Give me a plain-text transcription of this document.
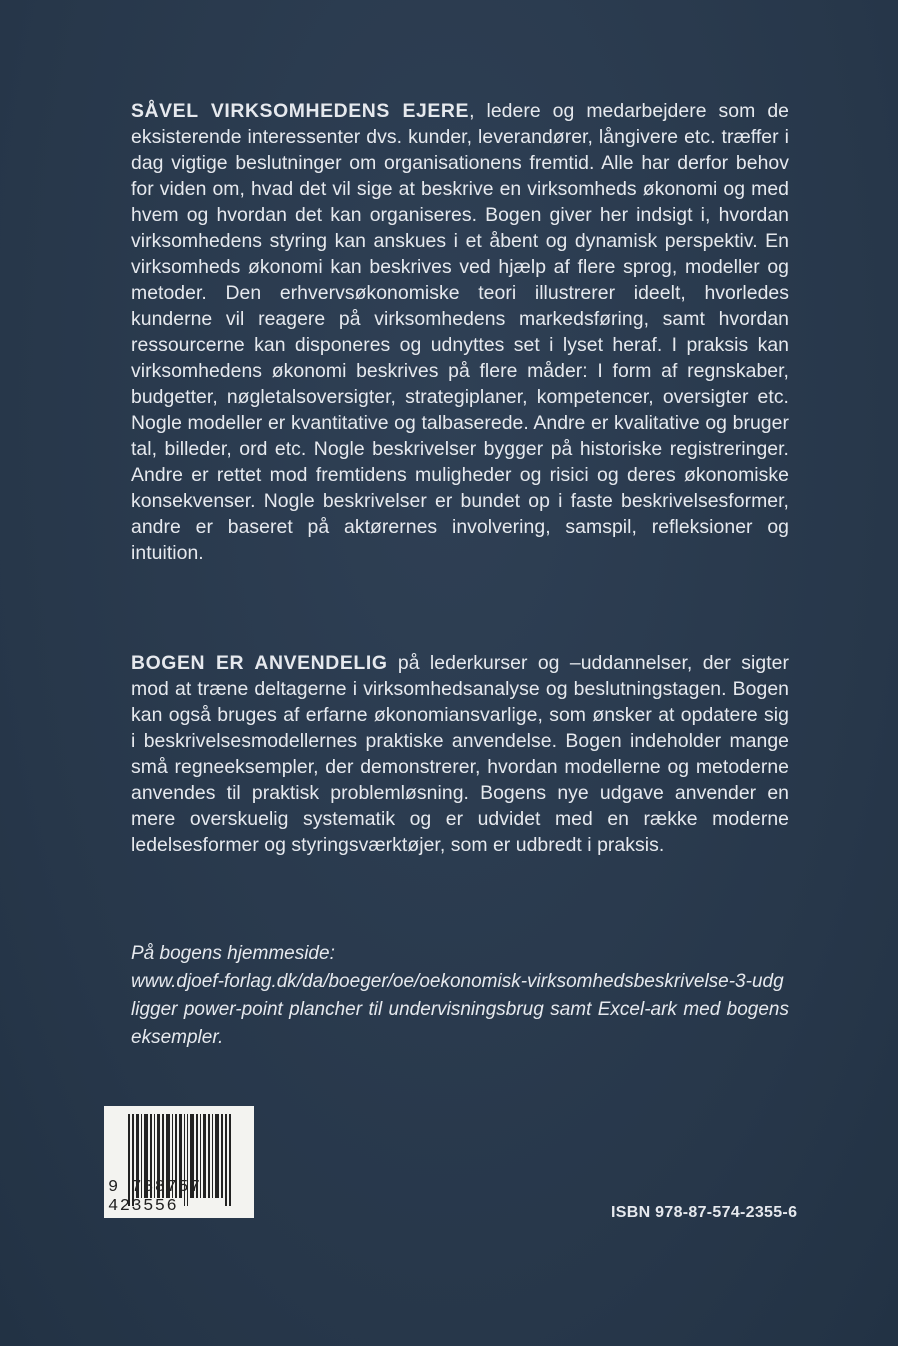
SÅVEL VIRKSOMHEDENS EJERE, ledere og medarbejdere som de eksisterende interessenter dvs. kunder, leverandører, långivere etc. træffer i dag vigtige beslutninger om organisationens fremtid. Alle har derfor behov for viden om, hvad det vil sige at beskrive en virksomheds økonomi og med hvem og hvordan det kan organiseres. Bogen giver her indsigt i, hvordan virksomhedens styring kan anskues i et åbent og dynamisk perspektiv. En virksomheds økonomi kan beskrives ved hjælp af flere sprog, modeller og metoder. Den erhvervsøkonomiske teori illustrerer ideelt, hvorledes kunderne vil reagere på virksomhedens markedsføring, samt hvordan ressourcerne kan disponeres og udnyttes set i lyset heraf. I praksis kan virksomhedens økonomi beskrives på flere måder: I form af regnskaber, budgetter, nøgletalsoversigter, strategiplaner, kompetencer, oversigter etc. Nogle modeller er kvantitative og talbaserede. Andre er kvalitative og bruger tal, billeder, ord etc. Nogle beskrivelser bygger på historiske registreringer. Andre er rettet mod fremtidens muligheder og risici og deres økonomiske konsekvenser. Nogle beskrivelser er bundet op i faste beskrivelsesformer, andre er baseret på aktørernes involvering, samspil, refleksioner og intuition.

BOGEN ER ANVENDELIG på lederkurser og –uddannelser, der sigter mod at træne deltagerne i virksomhedsanalyse og beslutningstagen. Bogen kan også bruges af erfarne økonomiansvarlige, som ønsker at opdatere sig i beskrivelsesmodellernes praktiske anvendelse. Bogen indeholder mange små regneeksempler, der demonstrerer, hvordan modellerne og metoderne anvendes til praktisk problemløsning. Bogens nye udgave anvender en mere overskuelig systematik og er udvidet med en række moderne ledelsesformer og styringsværktøjer, som er udbredt i praksis.

På bogens hjemmeside:
www.djoef-forlag.dk/da/boeger/oe/oekonomisk-virksomhedsbeskrivelse-3-udg
ligger power-point plancher til undervisningsbrug samt Excel-ark med bogens eksempler.

9 788757 423556	ISBN 978-87-574-2355-6
